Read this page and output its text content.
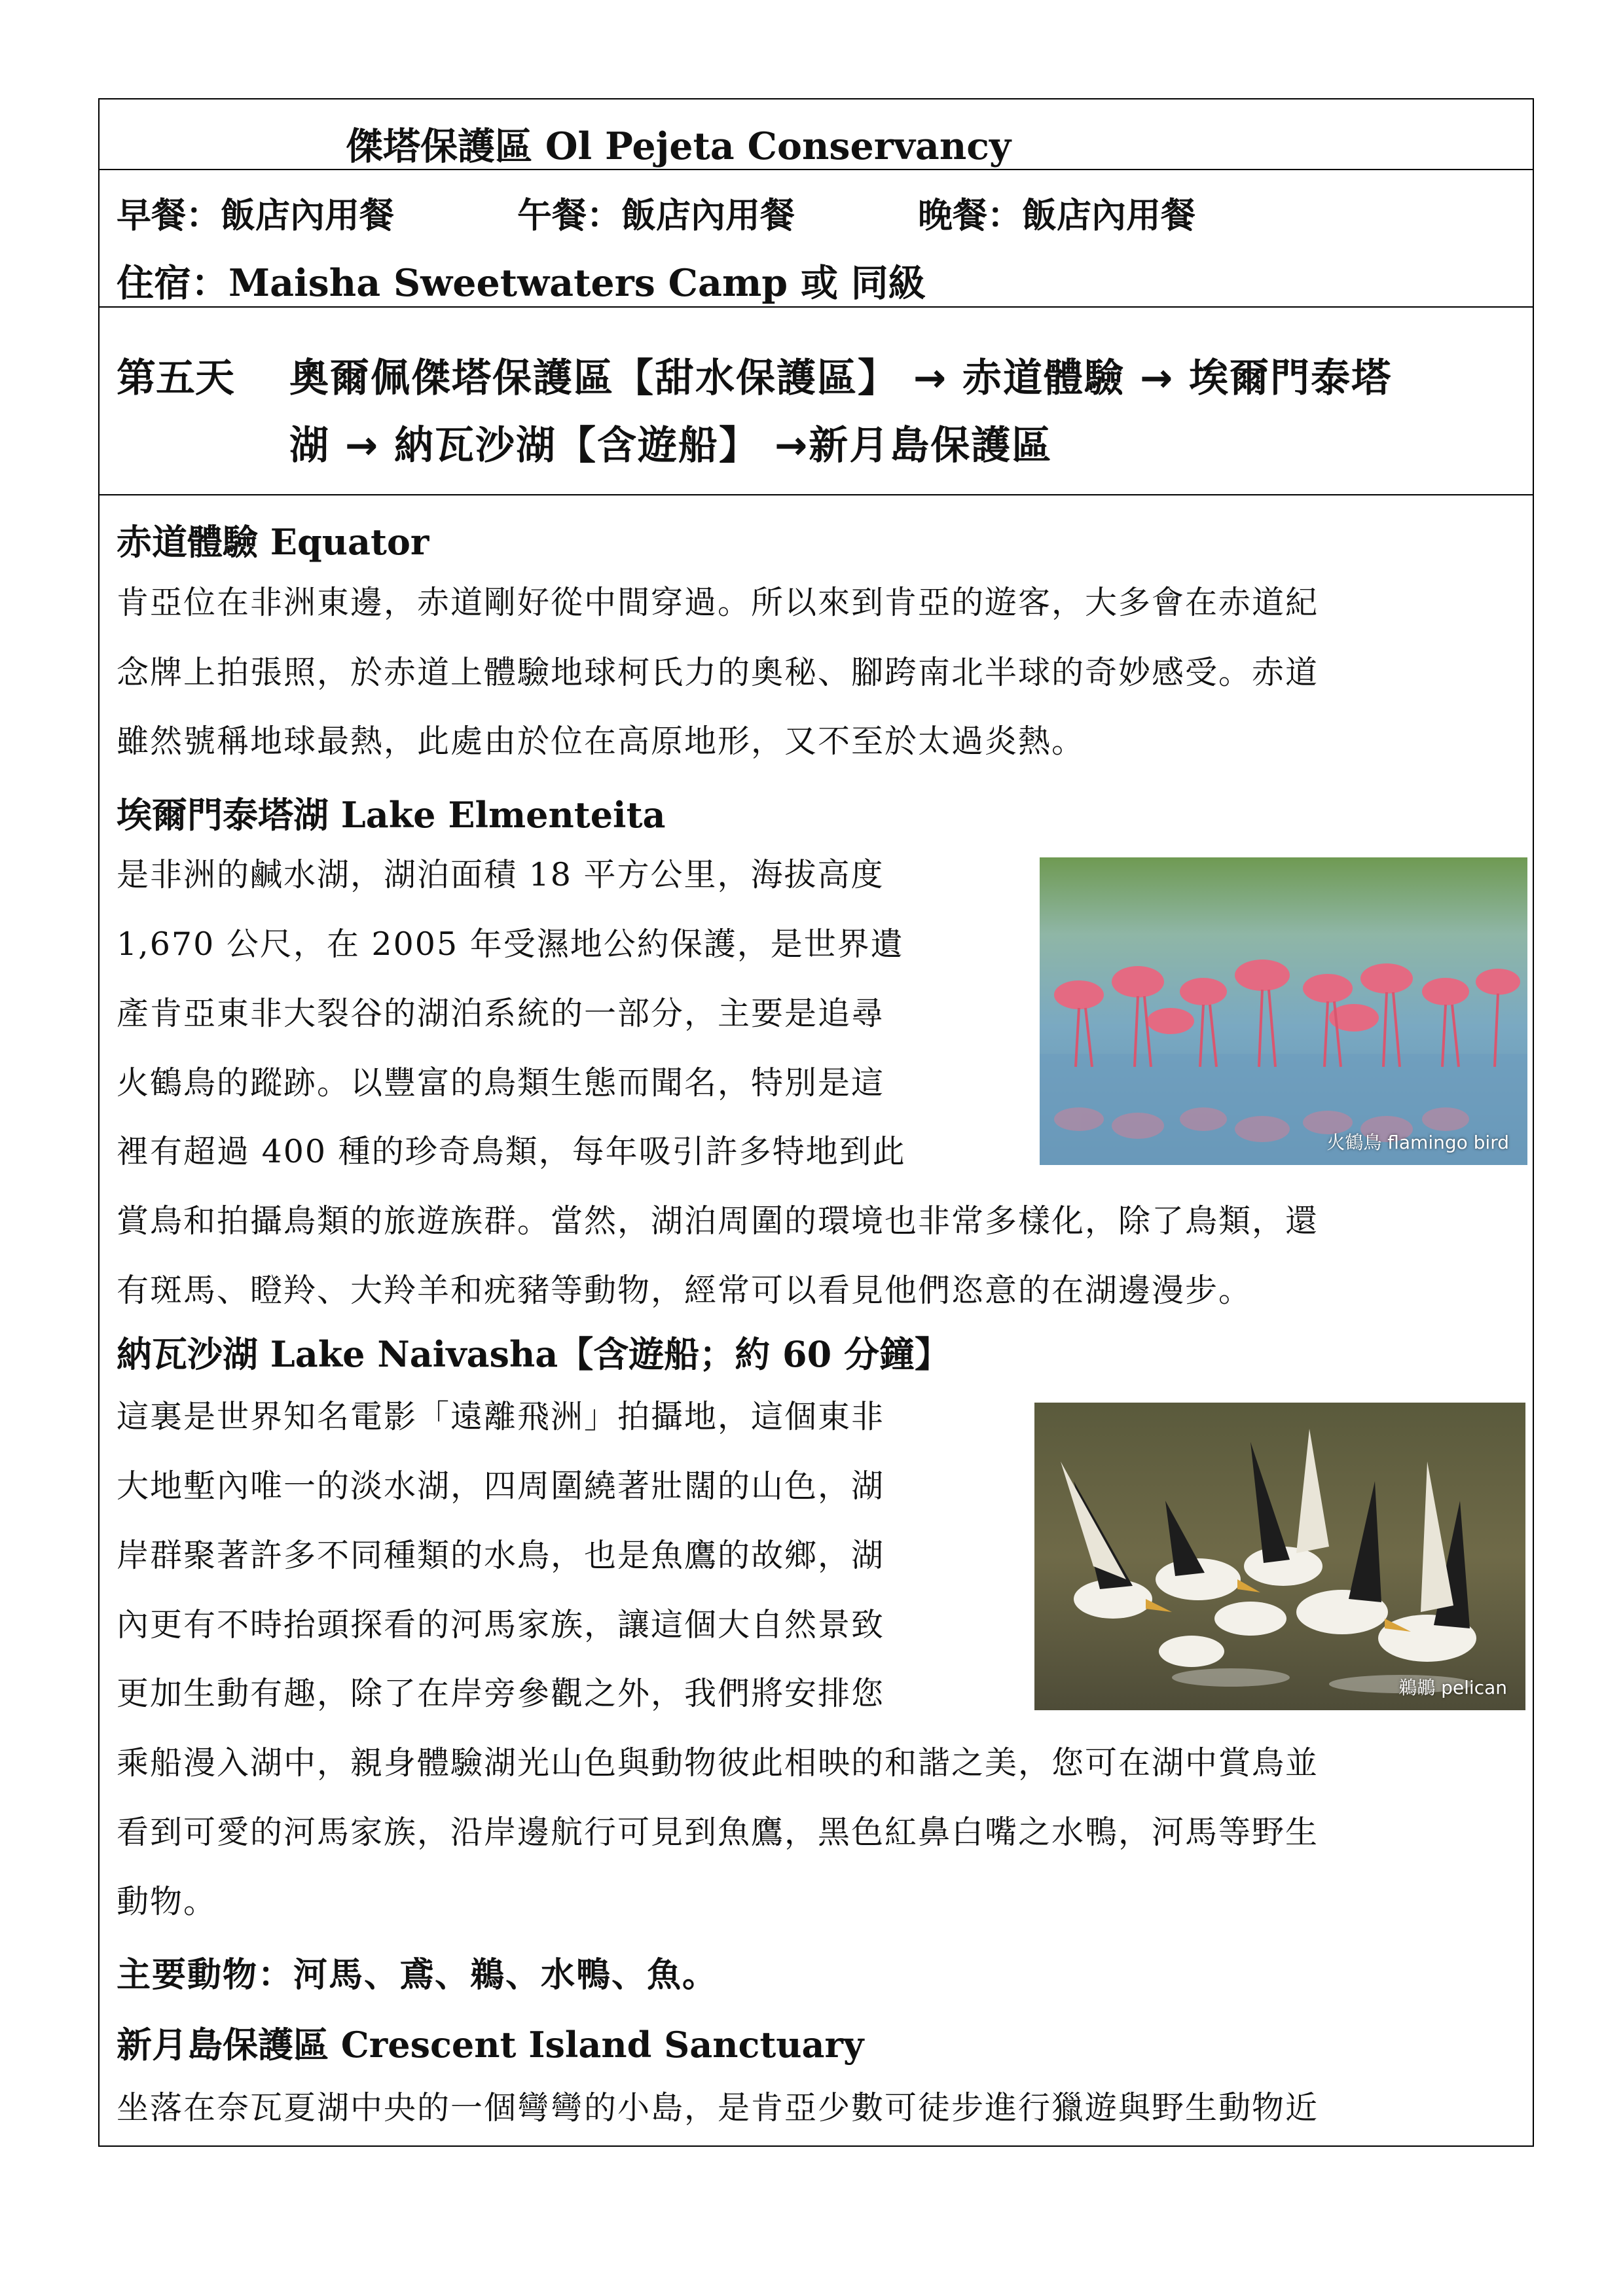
傑塔保護區 Ol Pejeta Conservancy
早餐：飯店內用餐	午餐：飯店內用餐	晚餐：飯店內用餐
住宿：Maisha Sweetwaters Camp 或 同級
第五天 奧爾佩傑塔保護區【甜水保護區】 → 赤道體驗 → 埃爾門泰塔
湖 → 納瓦沙湖【含遊船】 →新月島保護區
赤道體驗 Equator
肯亞位在非洲東邊，赤道剛好從中間穿過。所以來到肯亞的遊客，大多會在赤道紀
念牌上拍張照，於赤道上體驗地球柯氏力的奧秘、腳跨南北半球的奇妙感受。赤道
雖然號稱地球最熱，此處由於位在高原地形，又不至於太過炎熱。
埃爾門泰塔湖 Lake Elmenteita
是非洲的鹹水湖，湖泊面積 18 平方公里，海拔高度
1,670 公尺，在 2005 年受濕地公約保護，是世界遺
產肯亞東非大裂谷的湖泊系統的一部分，主要是追尋
火鶴鳥的蹤跡。以豐富的鳥類生態而聞名，特別是這
裡有超過 400 種的珍奇鳥類，每年吸引許多特地到此
賞鳥和拍攝鳥類的旅遊族群。當然，湖泊周圍的環境也非常多樣化，除了鳥類，還
有斑馬、瞪羚、大羚羊和疣豬等動物，經常可以看見他們恣意的在湖邊漫步。
火鶴鳥 flamingo bird
納瓦沙湖 Lake Naivasha【含遊船；約 60 分鐘】
這裏是世界知名電影「遠離飛洲」拍攝地，這個東非
大地塹內唯一的淡水湖，四周圍繞著壯闊的山色，湖
岸群聚著許多不同種類的水鳥，也是魚鷹的故鄉，湖
內更有不時抬頭探看的河馬家族，讓這個大自然景致
更加生動有趣，除了在岸旁參觀之外，我們將安排您
乘船漫入湖中，親身體驗湖光山色與動物彼此相映的和諧之美，您可在湖中賞鳥並
看到可愛的河馬家族，沿岸邊航行可見到魚鷹，黑色紅鼻白嘴之水鴨，河馬等野生
動物。
主要動物：河馬、鳶、鵜、水鴨、魚。
鵜鶘 pelican
新月島保護區 Crescent Island Sanctuary
坐落在奈瓦夏湖中央的一個彎彎的小島，是肯亞少數可徒步進行獵遊與野生動物近
